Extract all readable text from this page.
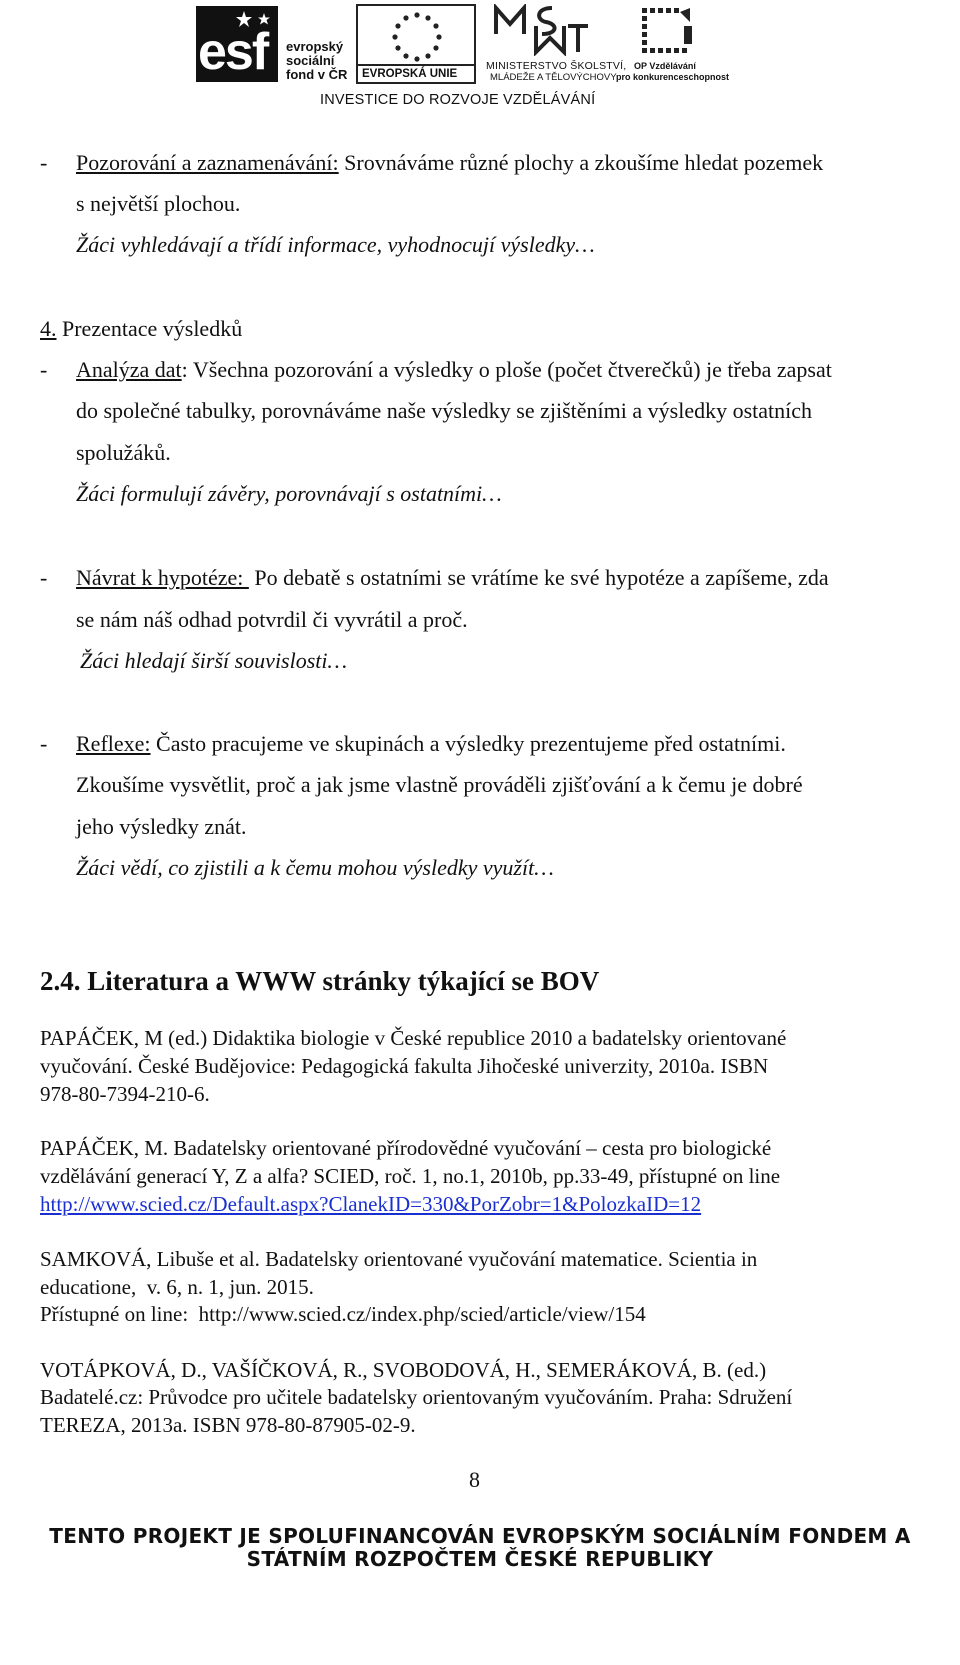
esf evropský
sociální
fond v ČR EVROPSKÁ UNIE
MINISTERSTVO ŠKOLSTVÍ,
MLÁDEŽE A TĚLOVÝCHOVY
OP Vzdělávání
pro konkurenceschopnost
INVESTICE DO ROZVOJE VZDĚLÁVÁNÍ
- Pozorování a zaznamenávání: Srovnáváme různé plochy a zkoušíme hledat pozemek
s největší plochou.
Žáci vyhledávají a třídí informace, vyhodnocují výsledky…
4. Prezentace výsledků
- Analýza dat: Všechna pozorování a výsledky o ploše (počet čtverečků) je třeba zapsat
do společné tabulky, porovnáváme naše výsledky se zjištěními a výsledky ostatních
spolužáků.
Žáci formulují závěry, porovnávají s ostatními…
- Návrat k hypotéze:  Po debatě s ostatními se vrátíme ke své hypotéze a zapíšeme, zda
se nám náš odhad potvrdil či vyvrátil a proč.
Žáci hledají širší souvislosti…
- Reflexe: Často pracujeme ve skupinách a výsledky prezentujeme před ostatními.
Zkoušíme vysvětlit, proč a jak jsme vlastně prováděli zjišťování a k čemu je dobré
jeho výsledky znát.
Žáci vědí, co zjistili a k čemu mohou výsledky využít…
2.4. Literatura a WWW stránky týkající se BOV
PAPÁČEK, M (ed.) Didaktika biologie v České republice 2010 a badatelsky orientované
vyučování. České Budějovice: Pedagogická fakulta Jihočeské univerzity, 2010a. ISBN
978-80-7394-210-6.
PAPÁČEK, M. Badatelsky orientované přírodovědné vyučování – cesta pro biologické
vzdělávání generací Y, Z a alfa? SCIED, roč. 1, no.1, 2010b, pp.33-49, přístupné on line
http://www.scied.cz/Default.aspx?ClanekID=330&PorZobr=1&PolozkaID=12
SAMKOVÁ, Libuše et al. Badatelsky orientované vyučování matematice. Scientia in
educatione,  v. 6, n. 1, jun. 2015.
Přístupné on line:  http://www.scied.cz/index.php/scied/article/view/154
VOTÁPKOVÁ, D., VAŠÍČKOVÁ, R., SVOBODOVÁ, H., SEMERÁKOVÁ, B. (ed.)
Badatelé.cz: Průvodce pro učitele badatelsky orientovaným vyučováním. Praha: Sdružení
TEREZA, 2013a. ISBN 978-80-87905-02-9.
8
TENTO PROJEKT JE SPOLUFINANCOVÁN EVROPSKÝM SOCIÁLNÍM FONDEM A
STÁTNÍM ROZPOČTEM ČESKÉ REPUBLIKY
